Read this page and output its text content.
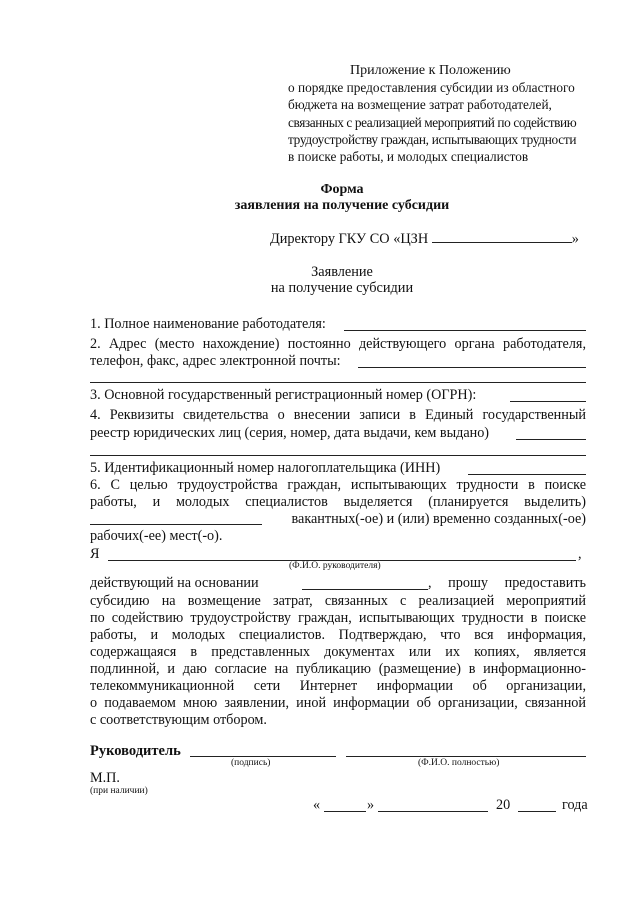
Приложение к Положению
о порядке предоставления субсидии из областного
бюджета на возмещение затрат работодателей,
связанных с реализацией мероприятий по содействию
трудоустройству граждан, испытывающих трудности
в поиске работы, и молодых специалистов
Форма
заявления на получение субсидии
Директору ГКУ СО «ЦЗН	»
Заявление
на получение субсидии
1. Полное наименование работодателя:
2. Адрес (место нахождение) постоянно действующего органа работодателя,
телефон, факс, адрес электронной почты:
3. Основной государственный регистрационный номер (ОГРН):
4. Реквизиты свидетельства о внесении записи в Единый государственный
реестр юридических лиц (серия, номер, дата выдачи, кем выдано)
5. Идентификационный номер налогоплательщика (ИНН)
6. С целью трудоустройства граждан, испытывающих трудности в поиске
работы, и молодых специалистов выделяется (планируется выделить)
вакантных(-ое) и (или) временно созданных(-ое)
рабочих(-ее) мест(-о).
Я	,
(Ф.И.О. руководителя)
действующий на основании	, прошу предоставить
субсидию на возмещение затрат, связанных с реализацией мероприятий
по содействию трудоустройству граждан, испытывающих трудности в поиске
работы, и молодых специалистов. Подтверждаю, что вся информация,
содержащаяся в представленных документах или их копиях, является
подлинной, и даю согласие на публикацию (размещение) в информационно-
телекоммуникационной сети Интернет информации об организации,
о подаваемом мною заявлении, иной информации об организации, связанной
с соответствующим отбором.
Руководитель
(подпись)	(Ф.И.О. полностью)
М.П.
(при наличии)
«	»	20	года
